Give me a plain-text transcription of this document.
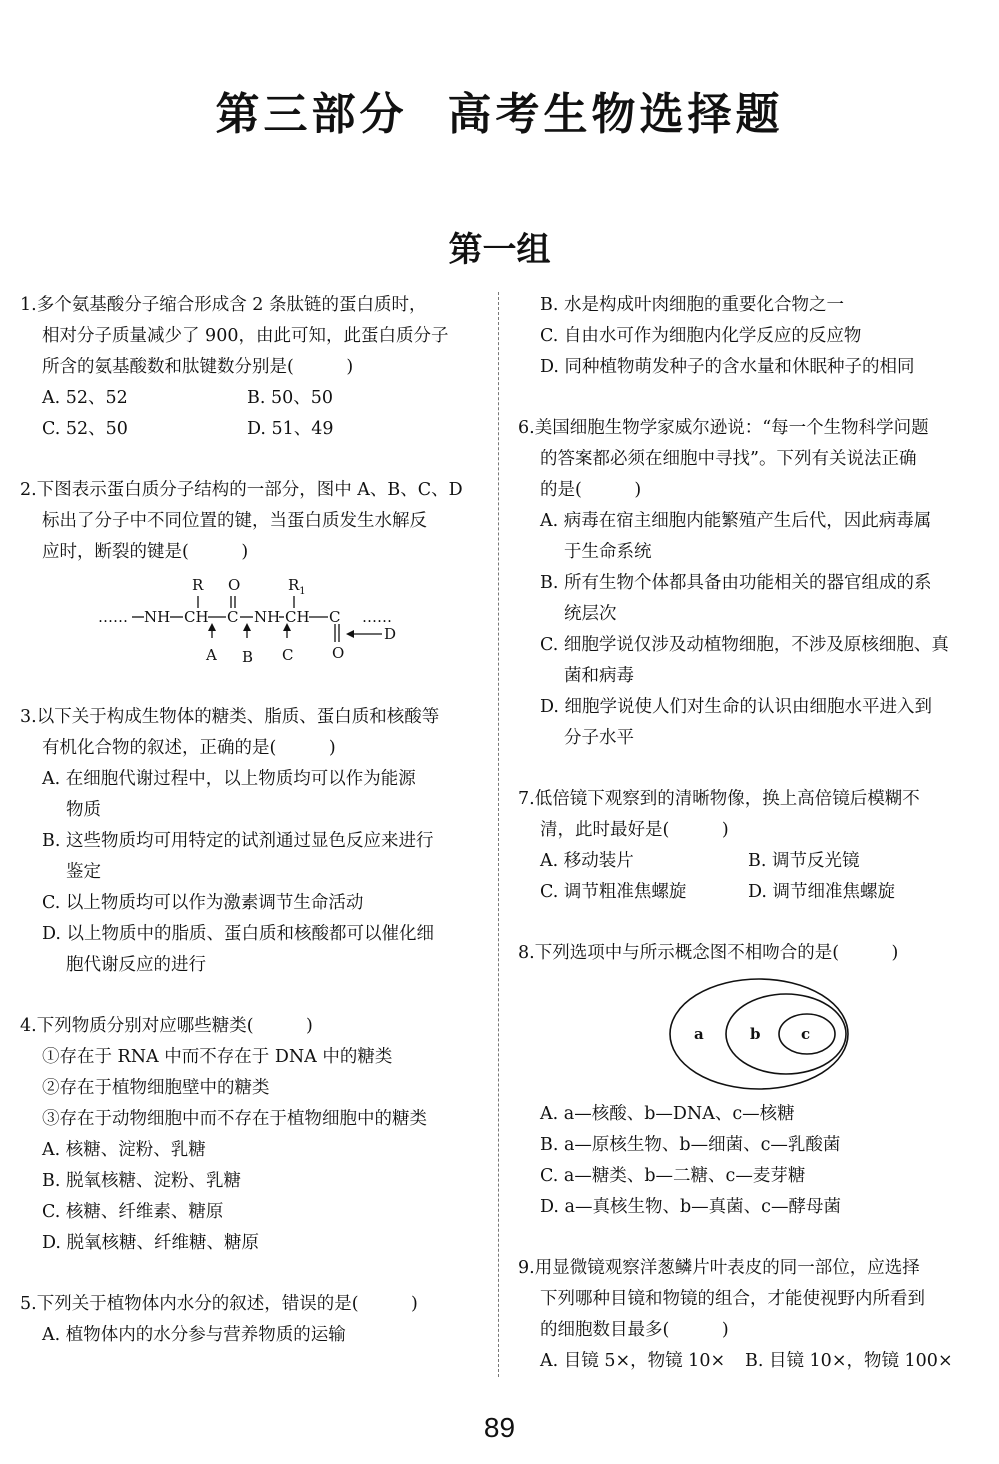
第三部分 高考生物选择题
第一组
1.多个氨基酸分子缩合形成含 2 条肽链的蛋白质时，
相对分子质量减少了 900，由此可知，此蛋白质分子
所含的氨基酸数和肽键数分别是(　　　)
A. 52、52	B. 50、50
C. 52、50	D. 51、49
2.下图表示蛋白质分子结构的一部分，图中 A、B、C、D
标出了分子中不同位置的键，当蛋白质发生水解反
应时，断裂的键是(　　　)
R O	$R_1$
…… NH CH C NH CH C ……
O
D
A B C
3.以下关于构成生物体的糖类、脂质、蛋白质和核酸等
有机化合物的叙述，正确的是(　　　)
A. 在细胞代谢过程中，以上物质均可以作为能源
物质
B. 这些物质均可用特定的试剂通过显色反应来进行
鉴定
C. 以上物质均可以作为激素调节生命活动
D. 以上物质中的脂质、蛋白质和核酸都可以催化细
胞代谢反应的进行
4.下列物质分别对应哪些糖类(　　　)
①存在于 RNA 中而不存在于 DNA 中的糖类
②存在于植物细胞壁中的糖类
③存在于动物细胞中而不存在于植物细胞中的糖类
A. 核糖、淀粉、乳糖
B. 脱氧核糖、淀粉、乳糖
C. 核糖、纤维素、糖原
D. 脱氧核糖、纤维糖、糖原
5.下列关于植物体内水分的叙述，错误的是(　　　)
A. 植物体内的水分参与营养物质的运输
B. 水是构成叶肉细胞的重要化合物之一
C. 自由水可作为细胞内化学反应的反应物
D. 同种植物萌发种子的含水量和休眠种子的相同
6.美国细胞生物学家威尔逊说：“每一个生物科学问题
的答案都必须在细胞中寻找”。下列有关说法正确
的是(　　　)
A. 病毒在宿主细胞内能繁殖产生后代，因此病毒属
于生命系统
B. 所有生物个体都具备由功能相关的器官组成的系
统层次
C. 细胞学说仅涉及动植物细胞，不涉及原核细胞、真
菌和病毒
D. 细胞学说使人们对生命的认识由细胞水平进入到
分子水平
7.低倍镜下观察到的清晰物像，换上高倍镜后模糊不
清，此时最好是(　　　)
A. 移动装片	B. 调节反光镜
C. 调节粗准焦螺旋	D. 调节细准焦螺旋
8.下列选项中与所示概念图不相吻合的是(　　　)
a	b	c
A. a—核酸、b—DNA、c—核糖
B. a—原核生物、b—细菌、c—乳酸菌
C. a—糖类、b—二糖、c—麦芽糖
D. a—真核生物、b—真菌、c—酵母菌
9.用显微镜观察洋葱鳞片叶表皮的同一部位，应选择
下列哪种目镜和物镜的组合，才能使视野内所看到
的细胞数目最多(　　　)
A. 目镜 5×，物镜 10×	B. 目镜 10×，物镜 100×
89
